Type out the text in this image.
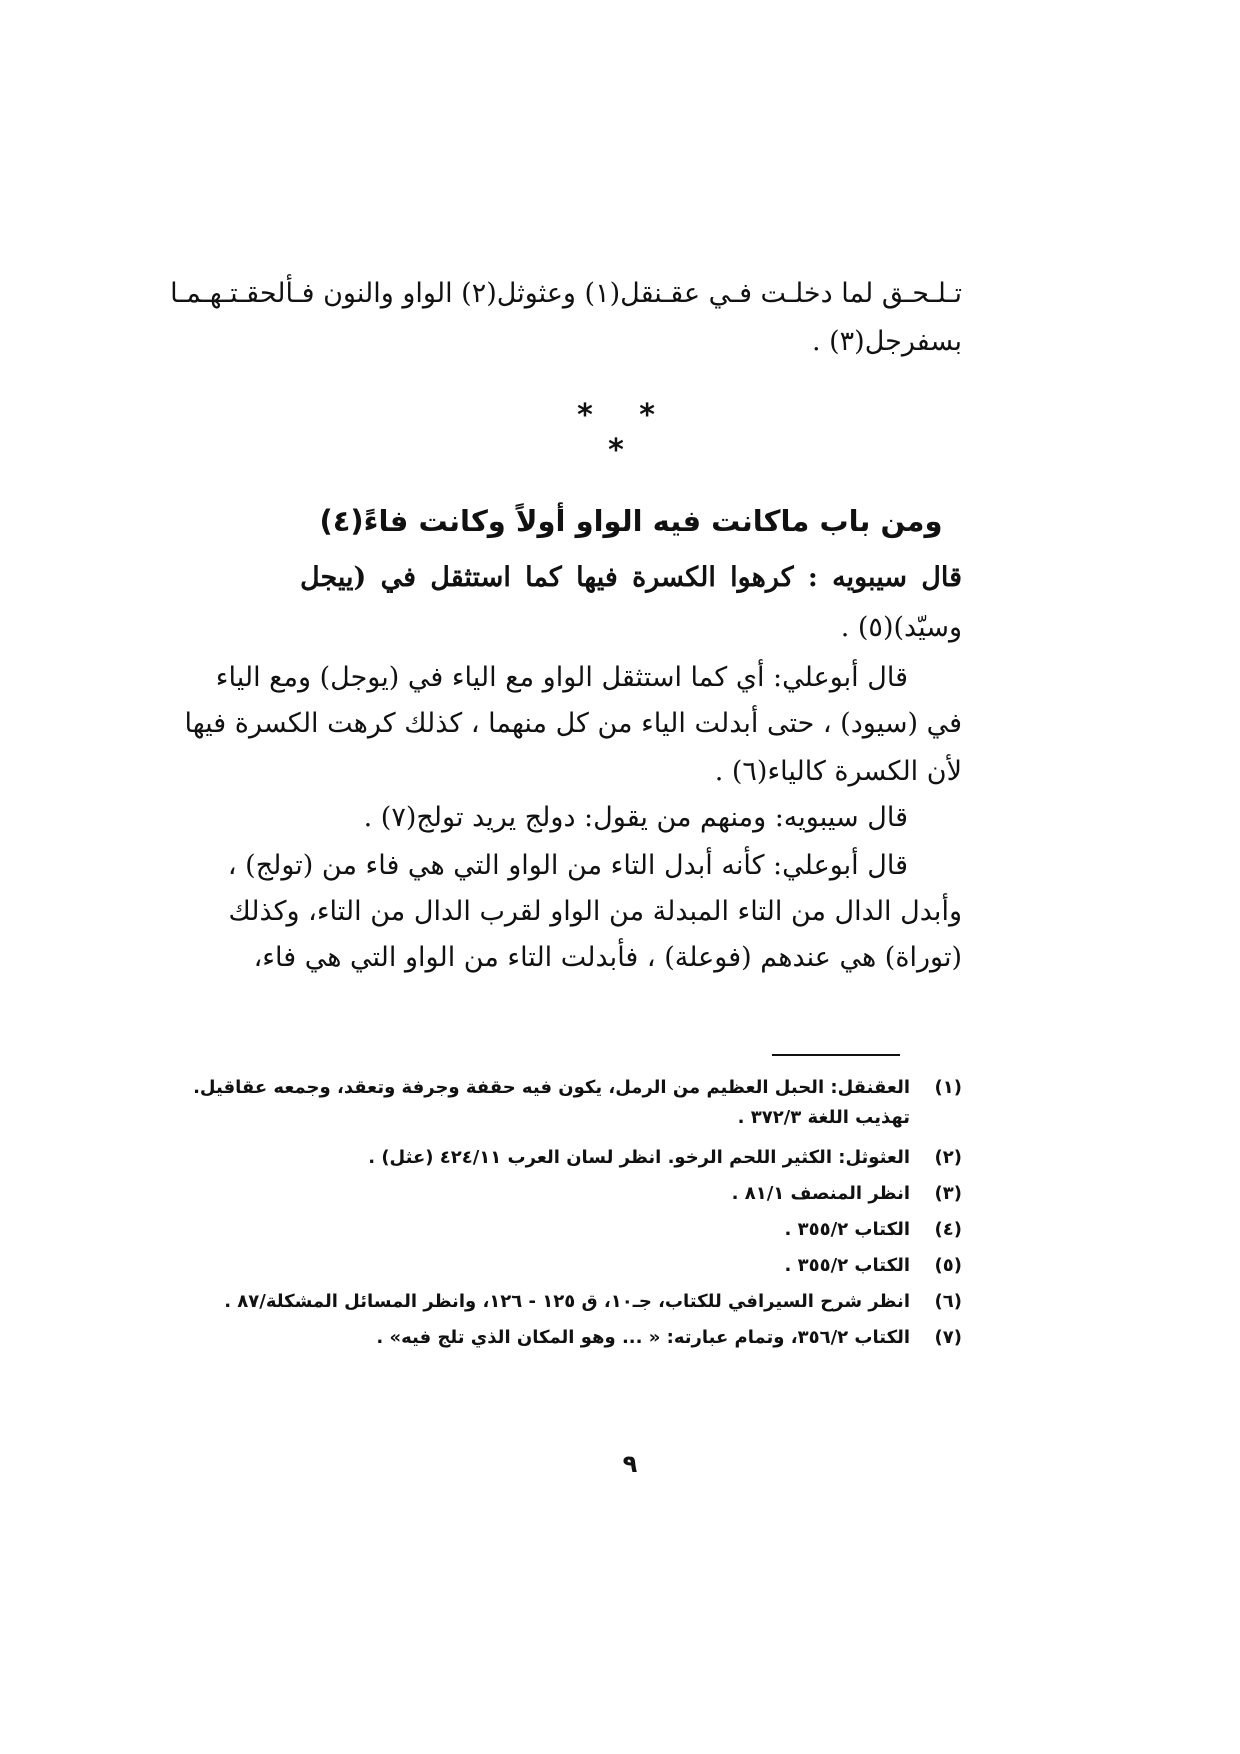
تـلـحـق لما دخلـت فـي عقـنقل(١) وعثوثل(٢) الواو والنون فـألحقـتـهـمـا
بسفرجل(٣) .
* * *
ومن باب ماكانت فيه الواو أولاً وكانت فاءً(٤)
قال سيبويه : كرهوا الكسرة فيها كما استثقل في (ييجل
وسيّد)(٥) .
قال أبوعلي: أي كما استثقل الواو مع الياء في (يوجل) ومع الياء
في (سيود) ، حتى أبدلت الياء من كل منهما ، كذلك كرهت الكسرة فيها
لأن الكسرة كالياء(٦) .
قال سيبويه: ومنهم من يقول: دولج يريد تولج(٧) .
قال أبوعلي: كأنه أبدل التاء من الواو التي هي فاء من (تولج) ،
وأبدل الدال من التاء المبدلة من الواو لقرب الدال من التاء، وكذلك
(توراة) هي عندهم (فوعلة) ، فأبدلت التاء من الواو التي هي فاء،
(١)
العقنقل: الحبل العظيم من الرمل، يكون فيه حقفة وجرفة وتعقد، وجمعه عقاقيل.
تهذيب اللغة ٣٧٢/٣ .
(٢)
العثوثل: الكثير اللحم الرخو. انظر لسان العرب ٤٢٤/١١ (عثل) .
(٣)
انظر المنصف ٨١/١ .
(٤)
الكتاب ٣٥٥/٢ .
(٥)
الكتاب ٣٥٥/٢ .
(٦)
انظر شرح السيرافي للكتاب، جـ١٠، ق ١٢٥ - ١٢٦، وانظر المسائل المشكلة/٨٧ .
(٧)
الكتاب ٣٥٦/٢، وتمام عبارته: « ... وهو المكان الذي تلج فيه» .
٩
